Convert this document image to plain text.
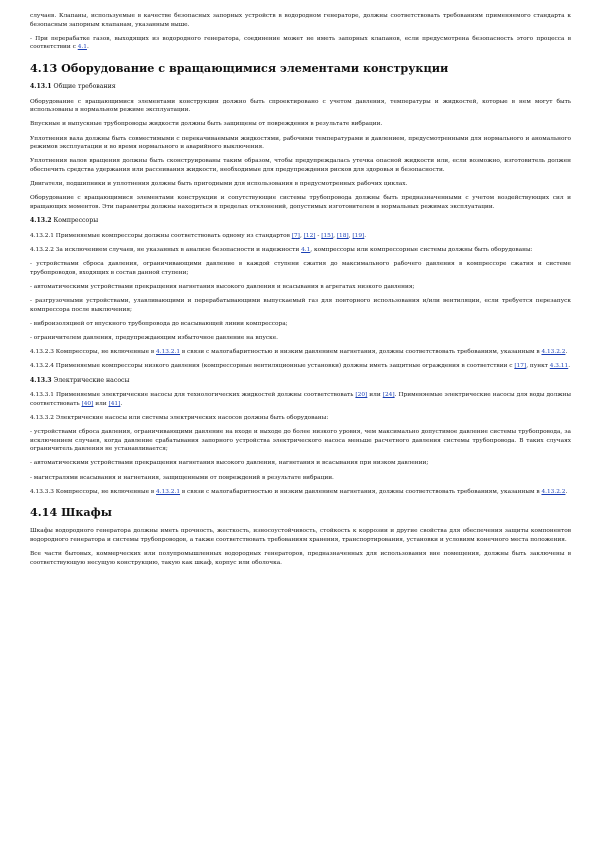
случаев. Клапаны, используемые в качестве безопасных запорных устройств в водородном генераторе, должны соответствовать требованиям применяемого стандарта к безопасным запорным клапанам, указанным выше.

- При перерабатке газов, выходящих из водородного генератора, соединение может не иметь запорных клапанов, если предусмотрена безопасность этого процесса в соответствии с 4.1.

4.13 Оборудование с вращающимися элементами конструкции
4.13.1 Общие требования

Оборудование с вращающимися элементами конструкции должно быть спроектировано с учетом давления, температуры и жидкостей, которые в нем могут быть использованы в нормальном режиме эксплуатации.

Впускные и выпускные трубопроводы жидкости должны быть защищены от повреждения в результате вибрации.

Уплотнения вала должны быть совместимыми с перекачиваемыми жидкостями, рабочими температурами и давлением, предусмотренными для нормального и аномального режимов эксплуатации и во время нормального и аварийного выключения.

Уплотнения валов вращения должны быть сконструированы таким образом, чтобы предупреждалась утечка опасной жидкости или, если возможно, изготовитель должен обеспечить средства удержания или рассеивания жидкости, необходимые для предупреждения рисков для здоровья и безопасности.

Двигатели, подшипники и уплотнения должны быть пригодными для использования в предусмотренных рабочих циклах.

Оборудование с вращающимися элементами конструкции и сопутствующие системы трубопровода должны быть предназначенными с учетом воздействующих сил и вращающих моментов. Эти параметры должны находиться в пределах отклонений, допустимых изготовителем в нормальных режимах эксплуатации.

4.13.2 Компрессоры

4.13.2.1 Применяемые компрессоры должны соответствовать одному из стандартов [7], [12] - [15], [18], [19].

4.13.2.2 За исключением случаев, не указанных в анализе безопасности и надежности 4.1, компрессоры или компрессорные системы должны быть оборудованы:

- устройствами сброса давления, ограничивающими давление в каждой ступени сжатия до максимального рабочего давления в компрессоре сжатия и системе трубопроводов, входящих в состав данной ступени;

- автоматическими устройствами прекращения нагнетания высокого давления и всасывания в агрегатах низкого давления;

- разгрузочными устройствами, улавливающими и перерабатывающими выпускаемый газ для повторного использования и/или вентиляции, если требуется перезапуск компрессора после выключения;

- виброизоляцией от впускного трубопровода до всасывающей линии компрессора;

- ограничителем давления, предупреждающим избыточное давление на впуске.

4.13.2.3 Компрессоры, не включенные в 4.13.2.1 в связи с малогабаритностью и низким давлением нагнетания, должны соответствовать требованиям, указанным в 4.13.2.2.

4.13.2.4 Применяемые компрессоры низкого давления (компрессорные вентиляционные установки) должны иметь защитные ограждения в соответствии с [17], пункт 4.3.11.

4.13.3 Электрические насосы

4.13.3.1 Применяемые электрические насосы для технологических жидкостей должны соответствовать [20] или [24]. Применяемые электрические насосы для воды должны соответствовать [40] или [41].

4.13.3.2 Электрические насосы или системы электрических насосов должны быть оборудованы:

- устройствами сброса давления, ограничивающими давление на входе и выходе до более низкого уровня, чем максимально допустимое давление системы трубопровода, за исключением случаев, когда давление срабатывания запорного устройства электрического насоса меньше расчетного давления системы трубопровода. В таких случаях ограничитель давления не устанавливается;

- автоматическими устройствами прекращения нагнетания высокого давления, нагнетания и всасывания при низком давлении;

- магистралями всасывания и нагнетания, защищенными от повреждений в результате вибрации.

4.13.3.3 Компрессоры, не включенные в 4.13.2.1 в связи с малогабаритностью и низким давлением нагнетания, должны соответствовать требованиям, указанным в 4.13.2.2.

4.14 Шкафы

Шкафы водородного генератора должны иметь прочность, жесткость, износоустойчивость, стойкость к коррозии и другие свойства для обеспечения защиты компонентов водородного генератора и системы трубопроводов, а также соответствовать требованиям хранения, транспортирования, установки и условиям конечного места положения.

Все части бытовых, коммерческих или полупромышленных водородных генераторов, предназначенных для использования вне помещения, должны быть заключены в соответствующую несущую конструкцию, такую как шкаф, корпус или оболочка.
